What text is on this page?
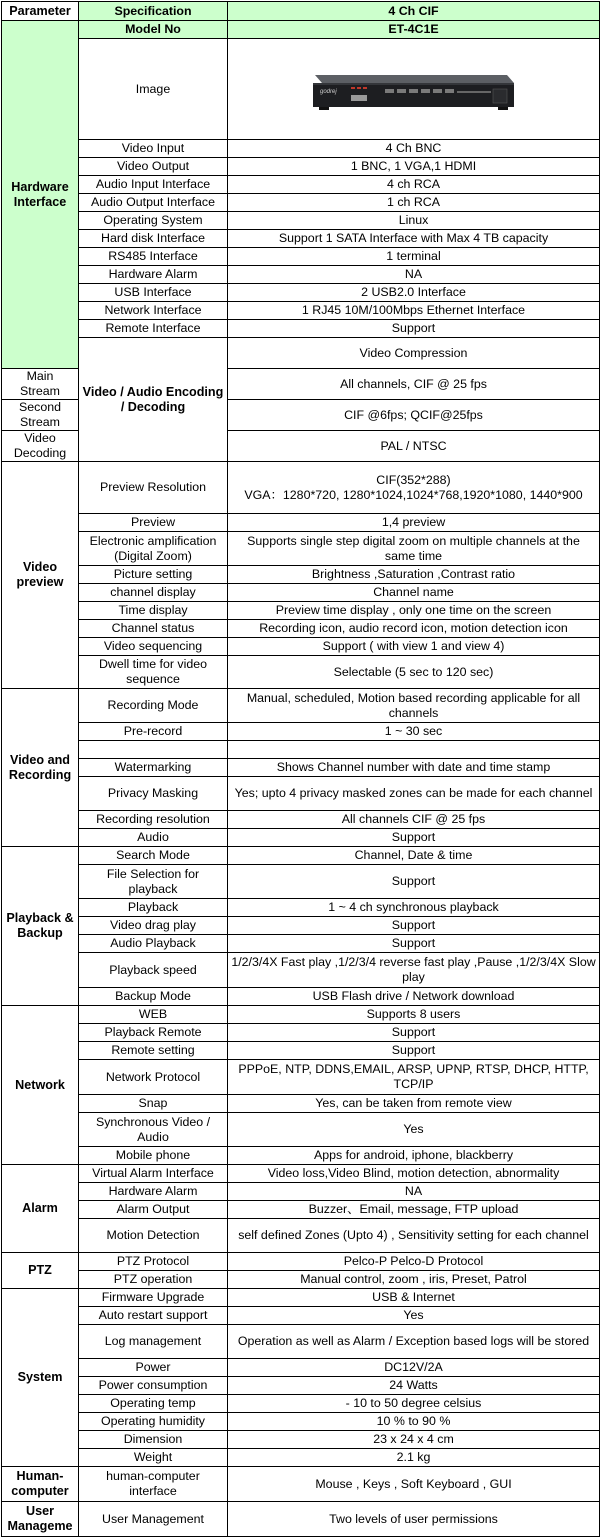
Parameter	Specification	4 Ch CIF	
Hardware Interface	Model No	ET-4C1E	
	Image	godrej	

	Video Input	4 Ch BNC	
	Video Output	1 BNC, 1 VGA,1 HDMI	
	Audio Input Interface	4 ch RCA	
	Audio Output Interface	1 ch RCA	
	Operating System	Linux	
	Hard disk Interface	Support 1 SATA Interface with Max 4 TB capacity	
	RS485 Interface	1 terminal	
	Hardware Alarm	NA	
	USB Interface	2 USB2.0 Interface	
	Network Interface	1 RJ45 10M/100Mbps Ethernet Interface	
	Remote Interface	Support	
	Video / Audio Encoding / Decoding	Video Compression	
Main Stream		All channels, CIF @ 25 fps	
Second Stream		CIF @6fps; QCIF@25fps	
Video Decoding		PAL / NTSC	
Video preview	Preview Resolution	CIF(352*288)
VGA：1280*720, 1280*1024,1024*768,1920*1080, 1440*900	
	Preview	1,4 preview	
	Electronic amplification (Digital Zoom)	Supports single step digital zoom on multiple channels at the same time	
	Picture setting	Brightness ,Saturation ,Contrast ratio	
	channel display	Channel name	
	Time display	Preview time display , only one time on the screen	
	Channel status	Recording icon, audio record icon, motion detection icon	
	Video sequencing	Support ( with view 1 and view 4)	
	Dwell time for video sequence	Selectable (5 sec to 120 sec)	
Video and Recording	Recording Mode	Manual, scheduled, Motion based recording applicable for all channels	
	Pre-record	1 ~ 30 sec	

	Watermarking	Shows Channel number with date and time stamp	
	Privacy Masking	Yes; upto 4 privacy masked zones can be made for each channel	
	Recording resolution	All channels CIF @ 25 fps	
	Audio	Support	
Playback & Backup	Search Mode	Channel, Date & time	
	File Selection for playback	Support	
	Playback	1 ~ 4 ch synchronous playback	
	Video drag play	Support	
	Audio Playback	Support	
	Playback speed	1/2/3/4X Fast play ,1/2/3/4 reverse fast play ,Pause ,1/2/3/4X Slow play	
	Backup Mode	USB Flash drive / Network download	
Network	WEB	Supports 8 users	
	Playback Remote	Support	
	Remote setting	Support	
	Network Protocol	PPPoE, NTP, DDNS,EMAIL, ARSP, UPNP, RTSP, DHCP, HTTP, TCP/IP	
	Snap	Yes, can be taken from remote view	
	Synchronous Video / Audio	Yes	
	Mobile phone	Apps for android, iphone, blackberry	
Alarm	Virtual Alarm Interface	Video loss,Video Blind, motion detection, abnormality	
	Hardware Alarm	NA	
	Alarm Output	Buzzer、Email, message, FTP upload	
	Motion Detection	self defined Zones (Upto 4) , Sensitivity setting for each channel	
PTZ	PTZ Protocol	Pelco-P Pelco-D Protocol	
	PTZ operation	Manual control, zoom , iris, Preset, Patrol	
System	Firmware Upgrade	USB & Internet	
	Auto restart support	Yes	
	Log management	Operation as well as Alarm / Exception based logs will be stored	
	Power	DC12V/2A	
	Power consumption	24 Watts	
	Operating temp	- 10 to 50 degree celsius	
	Operating humidity	10 % to 90 %	
	Dimension	23 x 24 x 4 cm	
	Weight	2.1 kg	
Human-computer	human-computer interface	Mouse , Keys , Soft Keyboard , GUI	
User Manageme	User Management	Two levels of user permissions	
